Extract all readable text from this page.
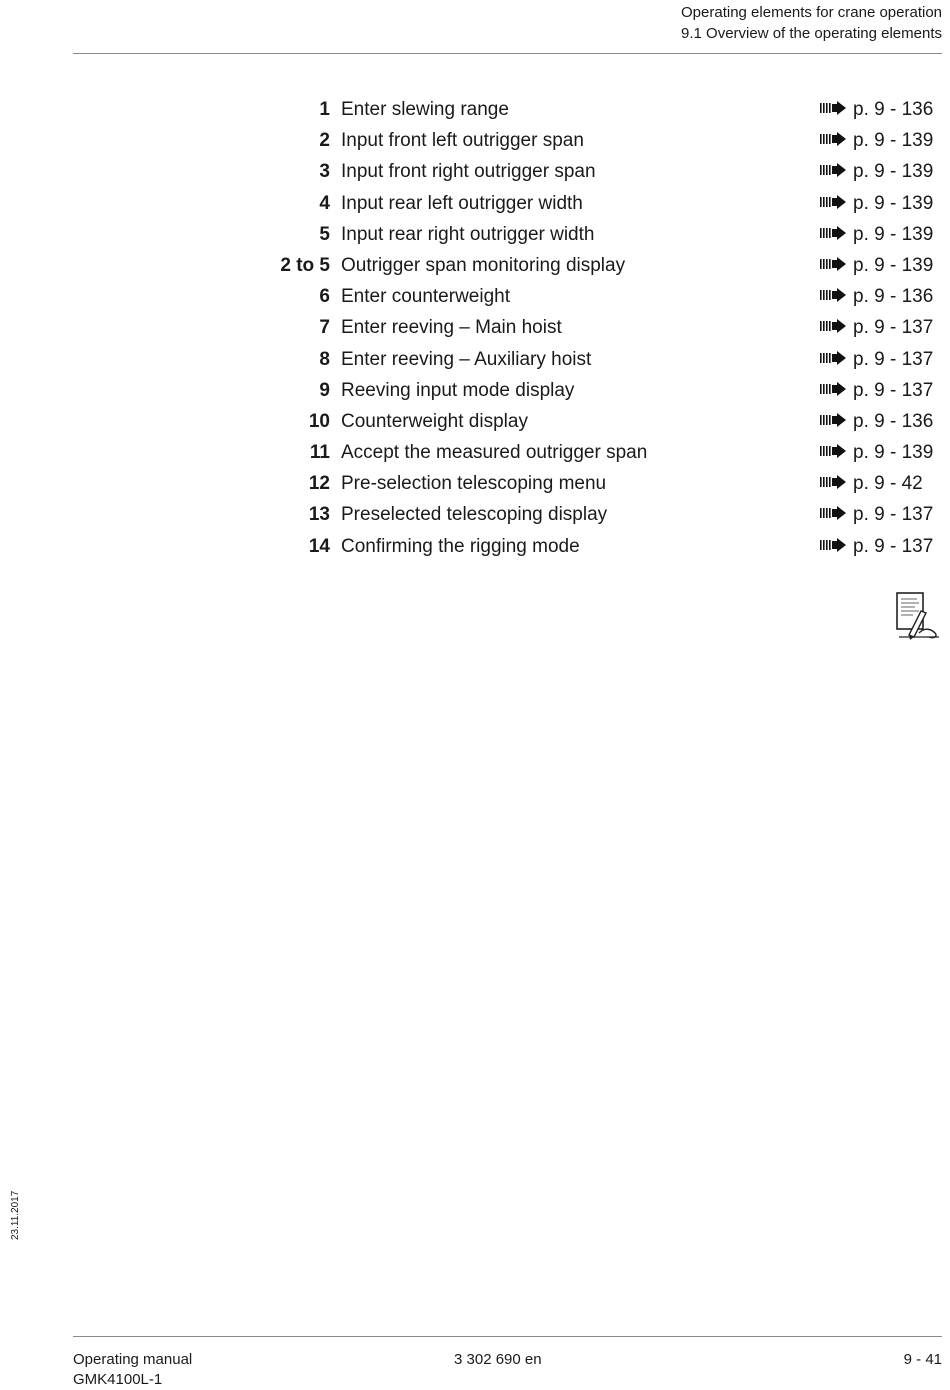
Operating elements for crane operation
9.1 Overview of the operating elements
1 Enter slewing range	p. 9 - 136
2 Input front left outrigger span	p. 9 - 139
3 Input front right outrigger span	p. 9 - 139
4 Input rear left outrigger width	p. 9 - 139
5 Input rear right outrigger width	p. 9 - 139
2 to 5 Outrigger span monitoring display	p. 9 - 139
6 Enter counterweight	p. 9 - 136
7 Enter reeving – Main hoist	p. 9 - 137
8 Enter reeving – Auxiliary hoist	p. 9 - 137
9 Reeving input mode display	p. 9 - 137
10 Counterweight display	p. 9 - 136
11 Accept the measured outrigger span	p. 9 - 139
12 Pre-selection telescoping menu	p. 9 - 42
13 Preselected telescoping display	p. 9 - 137
14 Confirming the rigging mode	p. 9 - 137
23.11.2017
Operating manual
GMK4100L-1
3 302 690 en	9 - 41
